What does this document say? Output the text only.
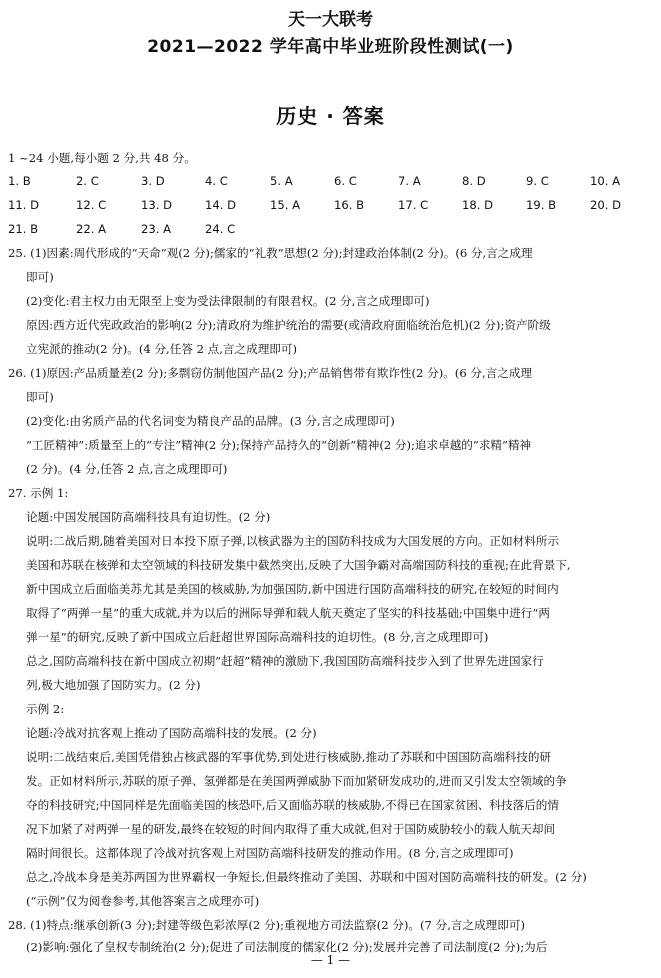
天一大联考
2021—2022 学年高中毕业班阶段性测试(一)
历史 · 答案
1 ~24 小题,每小题 2 分,共 48 分。
1. B	2. C	3. D	4. C	5. A	6. C	7. A	8. D	9. C	10. A
11. D	12. C	13. D	14. D	15. A	16. B	17. C	18. D	19. B	20. D
21. B	22. A	23. A	24. C
25. (1)因素:周代形成的“天命”观(2 分);儒家的“礼教”思想(2 分);封建政治体制(2 分)。(6 分,言之成理
即可)
(2)变化:君主权力由无限至上变为受法律限制的有限君权。(2 分,言之成理即可)
原因:西方近代宪政政治的影响(2 分);清政府为维护统治的需要(或清政府面临统治危机)(2 分);资产阶级
立宪派的推动(2 分)。(4 分,任答 2 点,言之成理即可)
26. (1)原因:产品质量差(2 分);多剽窃仿制他国产品(2 分);产品销售带有欺诈性(2 分)。(6 分,言之成理
即可)
(2)变化:由劣质产品的代名词变为精良产品的品牌。(3 分,言之成理即可)
“工匠精神”:质量至上的“专注”精神(2 分);保持产品持久的“创新”精神(2 分);追求卓越的“求精”精神
(2 分)。(4 分,任答 2 点,言之成理即可)
27. 示例 1:
论题:中国发展国防高端科技具有迫切性。(2 分)
说明:二战后期,随着美国对日本投下原子弹,以核武器为主的国防科技成为大国发展的方向。正如材料所示
美国和苏联在核弹和太空领域的科技研发集中截然突出,反映了大国争霸对高端国防科技的重视;在此背景下,
新中国成立后面临美苏尤其是美国的核威胁,为加强国防,新中国进行国防高端科技的研究,在较短的时间内
取得了“两弹一星”的重大成就,并为以后的洲际导弹和载人航天奠定了坚实的科技基础;中国集中进行“两
弹一星”的研究,反映了新中国成立后赶超世界国际高端科技的迫切性。(8 分,言之成理即可)
总之,国防高端科技在新中国成立初期“赶超”精神的激励下,我国国防高端科技步入到了世界先进国家行
列,极大地加强了国防实力。(2 分)
示例 2:
论题:冷战对抗客观上推动了国防高端科技的发展。(2 分)
说明:二战结束后,美国凭借独占核武器的军事优势,到处进行核威胁,推动了苏联和中国国防高端科技的研
发。正如材料所示,苏联的原子弹、氢弹都是在美国两弹威胁下而加紧研发成功的,进而又引发太空领域的争
夺的科技研究;中国同样是先面临美国的核恐吓,后又面临苏联的核威胁,不得已在国家贫困、科技落后的情
况下加紧了对两弹一星的研发,最终在较短的时间内取得了重大成就,但对于国防威胁较小的载人航天却间
隔时间很长。这都体现了冷战对抗客观上对国防高端科技研发的推动作用。(8 分,言之成理即可)
总之,冷战本身是美苏两国为世界霸权一争短长,但最终推动了美国、苏联和中国对国防高端科技的研发。(2 分)
(“示例”仅为阅卷参考,其他答案言之成理亦可)
28. (1)特点:继承创新(3 分);封建等级色彩浓厚(2 分);重视地方司法监察(2 分)。(7 分,言之成理即可)
(2)影响:强化了皇权专制统治(2 分);促进了司法制度的儒家化(2 分);发展并完善了司法制度(2 分);为后
— 1 —
